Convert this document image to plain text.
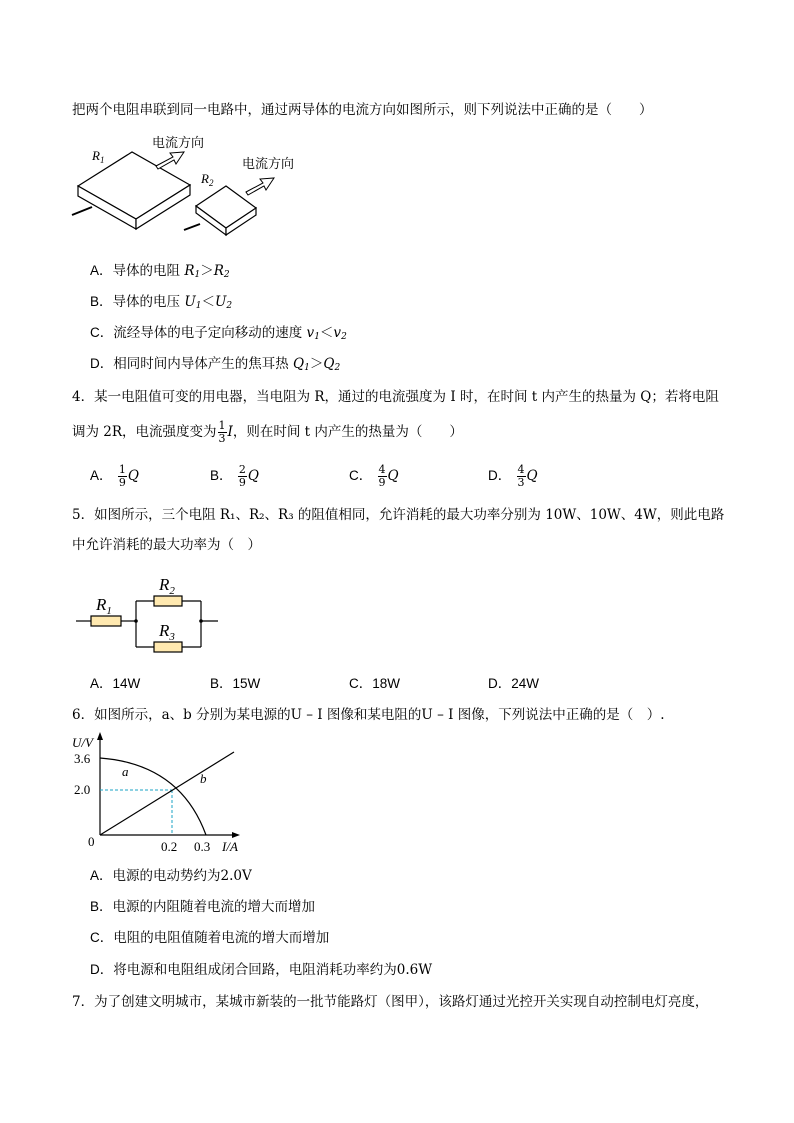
把两个电阻串联到同一电路中，通过两导体的电流方向如图所示，则下列说法中正确的是（　　）
$R_1$
电流方向
$R_2$
电流方向
A．导体的电阻 $R_1>R_2$
B．导体的电压 $U_1<U_2$
C．流经导体的电子定向移动的速度 $v_1<v_2$
D．相同时间内导体产生的焦耳热 $Q_1>Q_2$
4．某一电阻值可变的用电器，当电阻为 R，通过的电流强度为 I 时，在时间 t 内产生的热量为 Q；若将电阻
调为 2R，电流强度变为 $\frac{1}{3}$ I，则在时间 t 内产生的热量为（　　）
A． $\frac{1}{9}$ Q	B． $\frac{2}{9}$ Q	C． $\frac{4}{9}$ Q	D． $\frac{4}{3}$ Q
5．如图所示，三个电阻 R₁、R₂、R₃ 的阻值相同，允许消耗的最大功率分别为 10W、10W、4W，则此电路
中允许消耗的最大功率为（　）
$R_1$
$R_2$
$R_3$
A．14W	B．15W	C．18W	D．24W
6．如图所示，a、b 分别为某电源的U – I 图像和某电阻的U – I 图像，下列说法中正确的是（　）.
U/V
3.6
2.0
0	0.2 0.3 I/A
a	b
A．电源的电动势约为2.0V
B．电源的内阻随着电流的增大而增加
C．电阻的电阻值随着电流的增大而增加
D．将电源和电阻组成闭合回路，电阻消耗功率约为0.6W
7．为了创建文明城市，某城市新装的一批节能路灯（图甲），该路灯通过光控开关实现自动控制电灯亮度，
